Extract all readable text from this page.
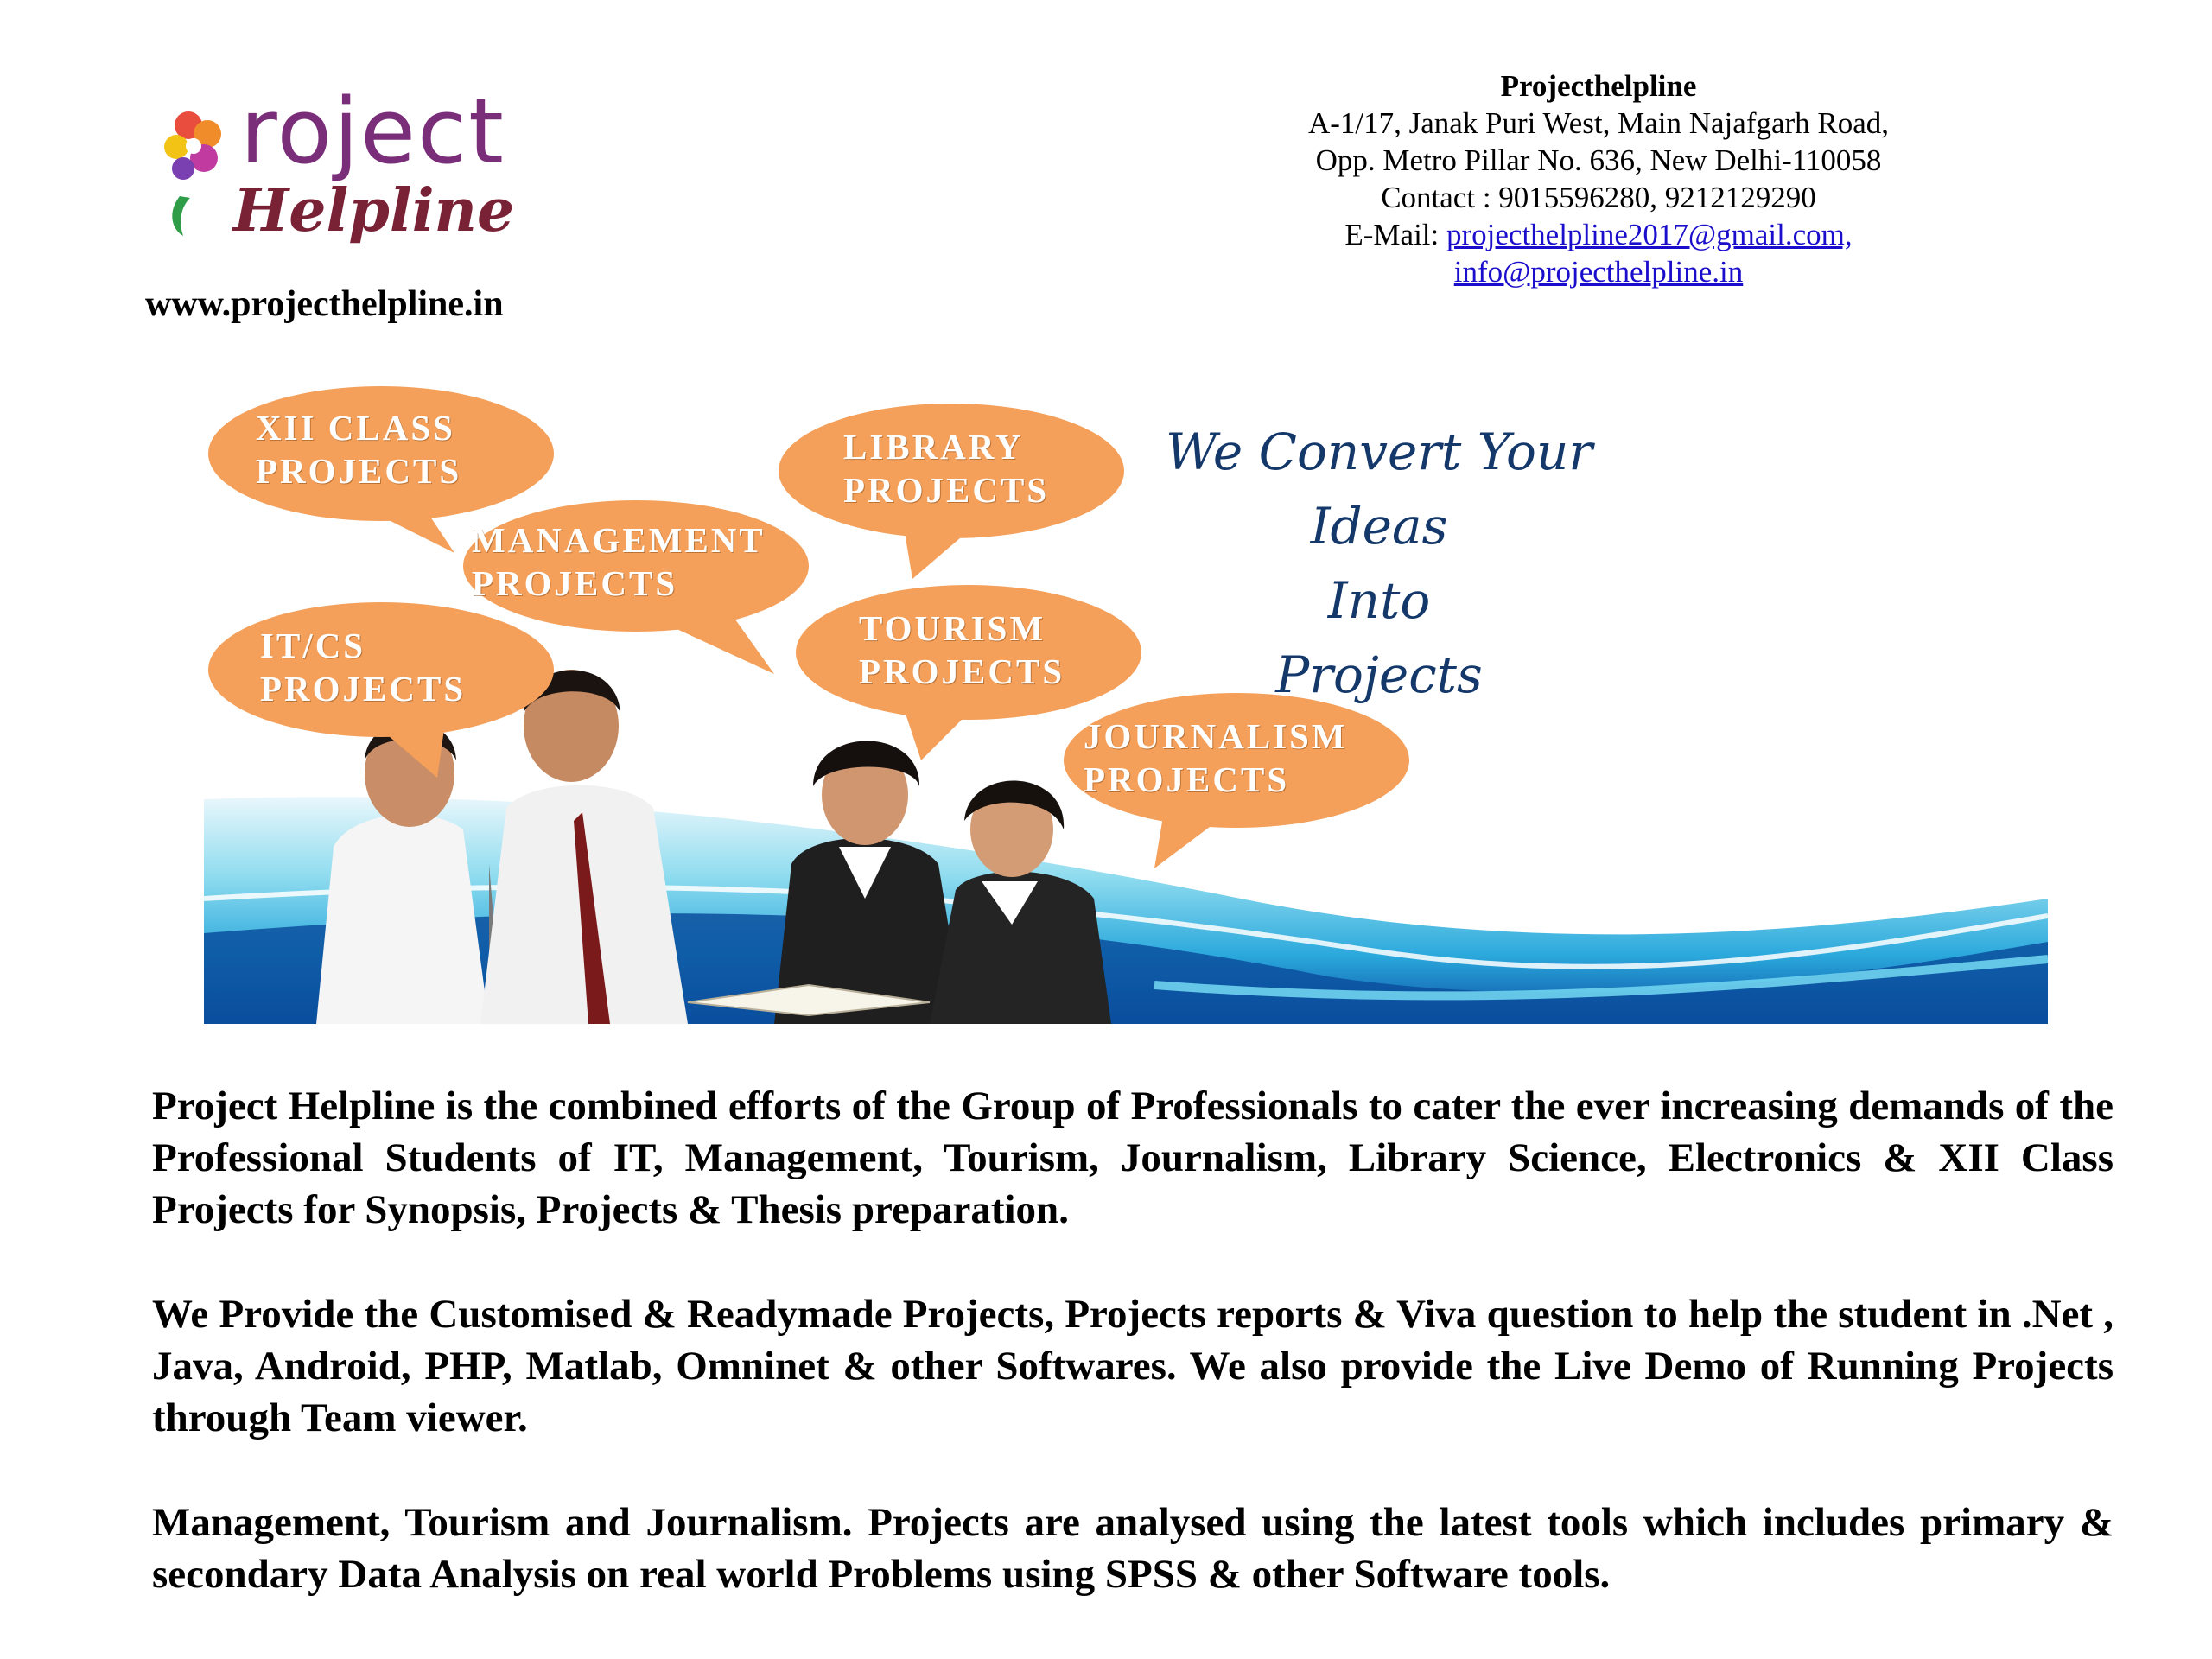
roject
Helpline
www.projecthelpline.in
Projecthelpline
A-1/17, Janak Puri West, Main Najafgarh Road,
Opp. Metro Pillar No. 636, New Delhi-110058
Contact : 9015596280, 9212129290
E-Mail: projecthelpline2017@gmail.com,
info@projecthelpline.in
XII CLASS
PROJECTS
MANAGEMENT
PROJECTS
IT/CS
PROJECTS
LIBRARY
PROJECTS
TOURISM
PROJECTS
JOURNALISM
PROJECTS
We Convert Your Ideas
Into
Projects
Project Helpline is the combined efforts of the Group of Professionals to cater the ever increasing demands of the Professional Students of IT, Management, Tourism, Journalism, Library Science, Electronics & XII Class Projects for Synopsis, Projects & Thesis preparation.
We Provide the Customised & Readymade Projects, Projects reports & Viva question to help the student in .Net , Java, Android, PHP, Matlab, Omninet & other Softwares. We also provide the Live Demo of Running Projects through Team viewer.
Management, Tourism and Journalism. Projects are analysed using the latest tools which includes primary & secondary Data Analysis on real world Problems using SPSS & other Software tools.
